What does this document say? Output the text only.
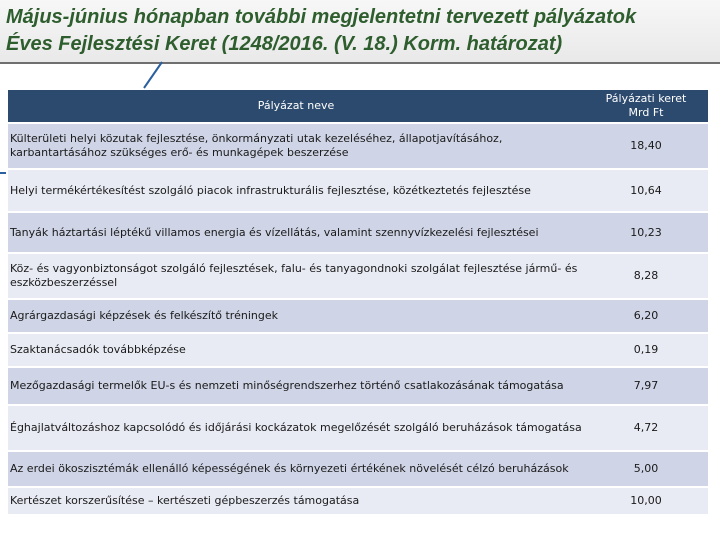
Május-június hónapban további megjelentetni tervezett pályázatok
Éves Fejlesztési Keret (1248/2016. (V. 18.) Korm. határozat)
Pályázat neve	Pályázati keret
Mrd Ft
Külterületi helyi közutak fejlesztése, önkormányzati utak kezeléséhez, állapotjavításához, karbantartásához szükséges erő- és munkagépek beszerzése	18,40
Helyi termékértékesítést szolgáló piacok infrastrukturális fejlesztése, közétkeztetés fejlesztése	10,64
Tanyák háztartási léptékű villamos energia és vízellátás, valamint szennyvízkezelési fejlesztései	10,23
Köz- és vagyonbiztonságot szolgáló fejlesztések, falu- és tanyagondnoki szolgálat fejlesztése jármű- és eszközbeszerzéssel	8,28
Agrárgazdasági képzések és felkészítő tréningek	6,20
Szaktanácsadók továbbképzése	0,19
Mezőgazdasági termelők EU-s és nemzeti minőségrendszerhez történő csatlakozásának támogatása	7,97
Éghajlatváltozáshoz kapcsolódó és időjárási kockázatok megelőzését szolgáló beruházások támogatása	4,72
Az erdei ökoszisztémák ellenálló képességének és környezeti értékének növelését célzó beruházások	5,00
Kertészet korszerűsítése – kertészeti gépbeszerzés támogatása	10,00
